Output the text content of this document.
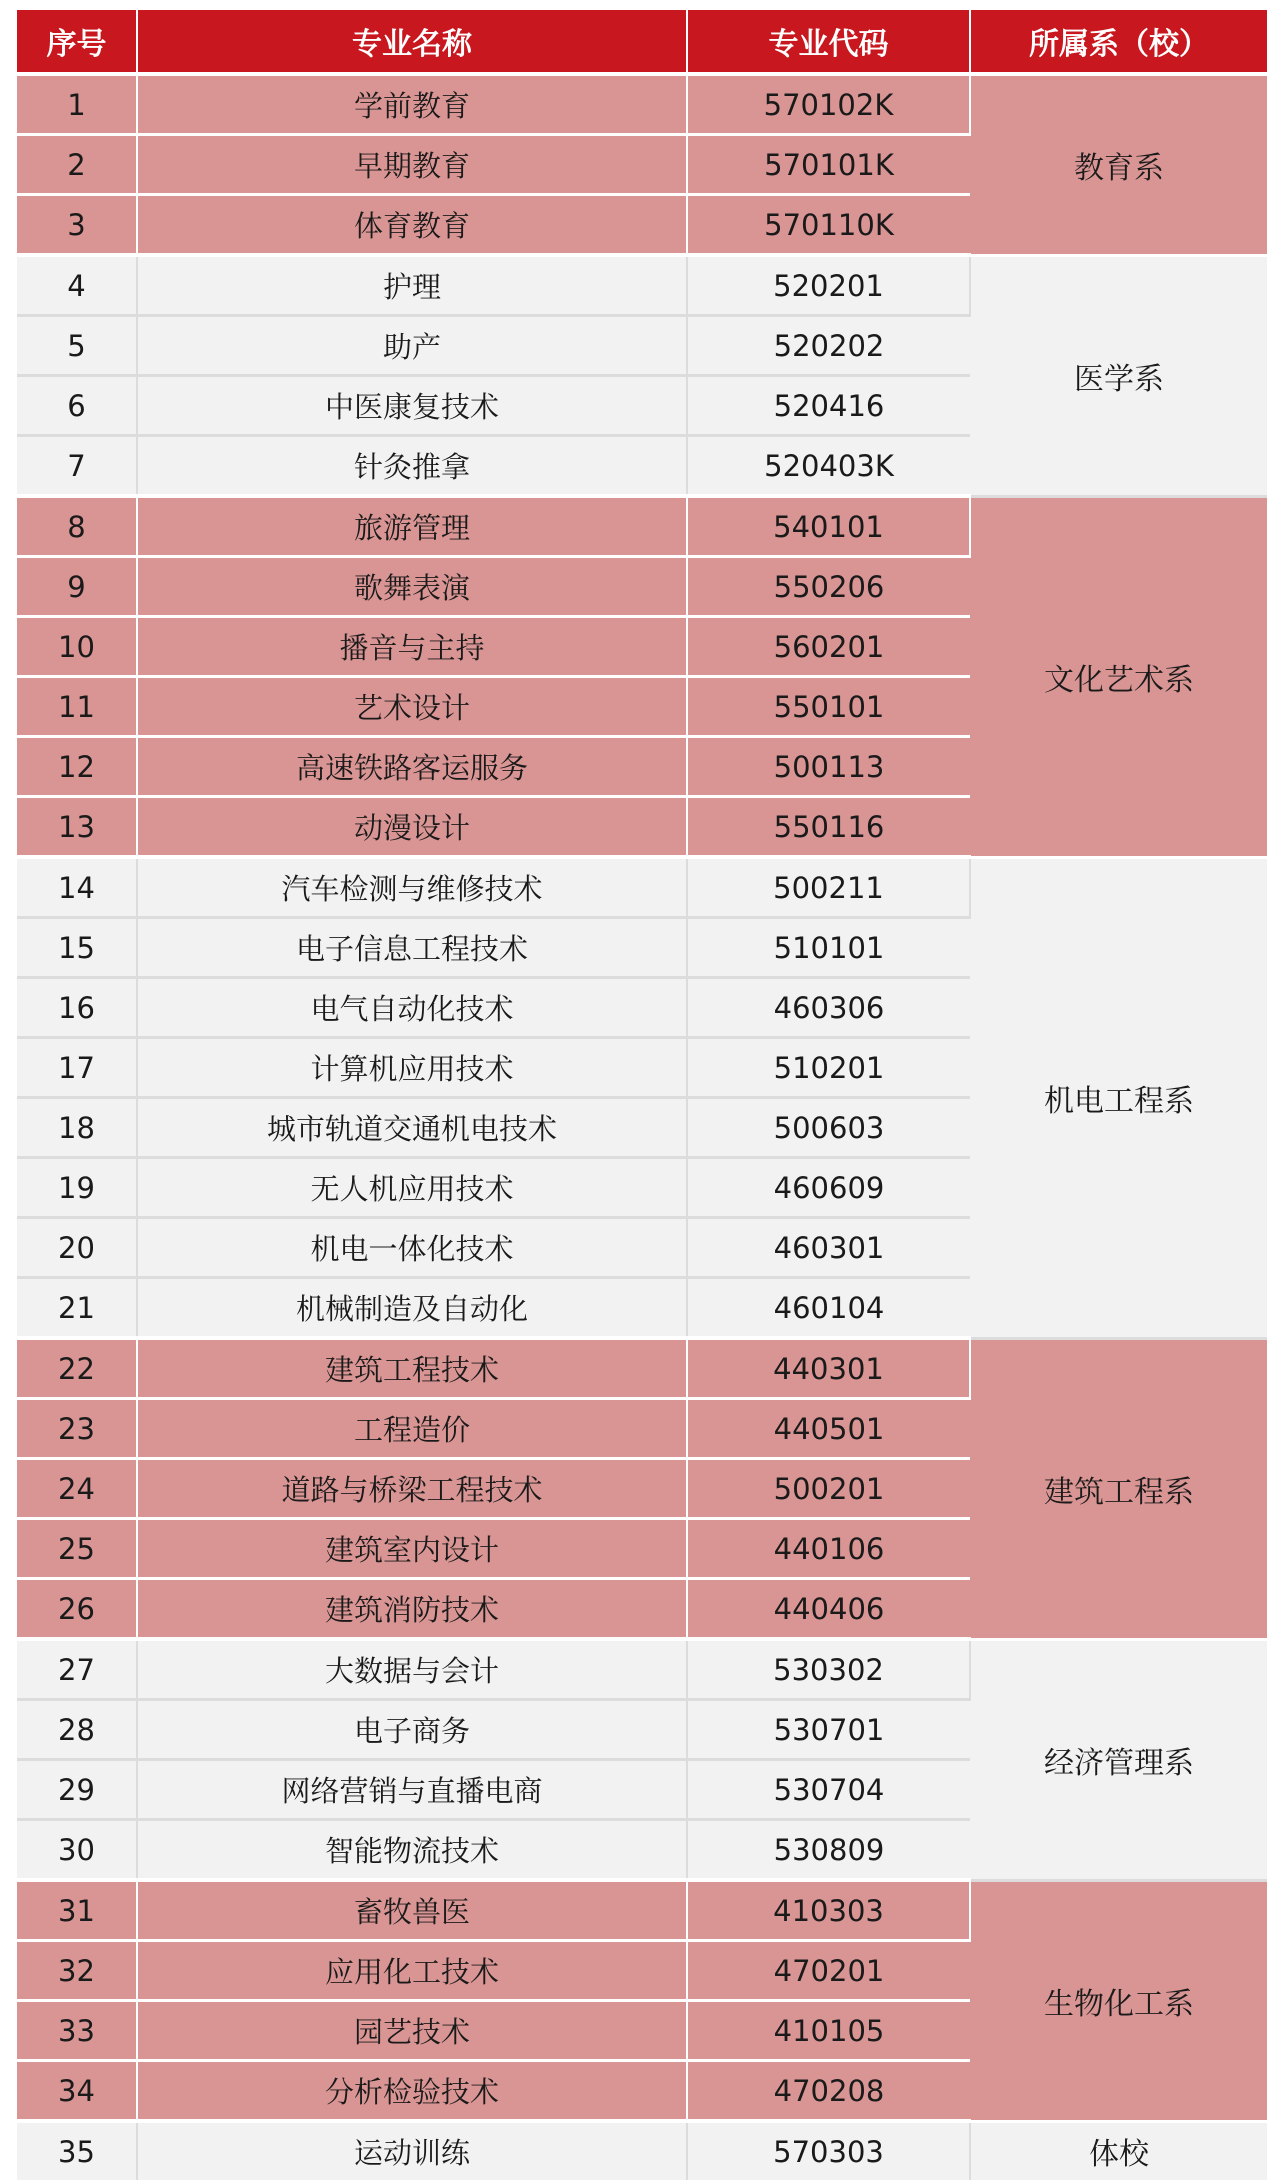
序号	专业名称	专业代码	所属系（校）
1	学前教育	570102K	教育系
2	早期教育	570101K	
3	体育教育	570110K	
4	护理	520201	医学系
5	助产	520202	
6	中医康复技术	520416	
7	针灸推拿	520403K	
8	旅游管理	540101	文化艺术系
9	歌舞表演	550206	
10	播音与主持	560201	
11	艺术设计	550101	
12	高速铁路客运服务	500113	
13	动漫设计	550116	
14	汽车检测与维修技术	500211	机电工程系
15	电子信息工程技术	510101	
16	电气自动化技术	460306	
17	计算机应用技术	510201	
18	城市轨道交通机电技术	500603	
19	无人机应用技术	460609	
20	机电一体化技术	460301	
21	机械制造及自动化	460104	
22	建筑工程技术	440301	建筑工程系
23	工程造价	440501	
24	道路与桥梁工程技术	500201	
25	建筑室内设计	440106	
26	建筑消防技术	440406	
27	大数据与会计	530302	经济管理系
28	电子商务	530701	
29	网络营销与直播电商	530704	
30	智能物流技术	530809	
31	畜牧兽医	410303	生物化工系
32	应用化工技术	470201	
33	园艺技术	410105	
34	分析检验技术	470208	
35	运动训练	570303	体校
